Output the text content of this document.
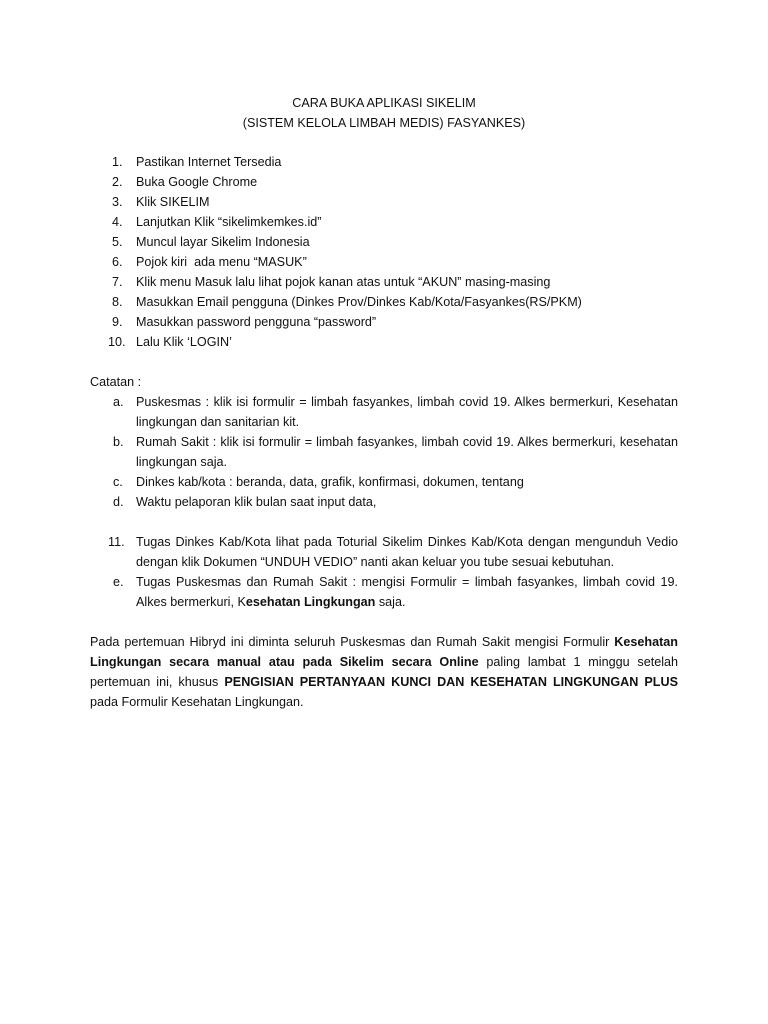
CARA BUKA APLIKASI SIKELIM

(SISTEM KELOLA LIMBAH MEDIS) FASYANKES)

1. Pastikan Internet Tersedia
2. Buka Google Chrome
3. Klik SIKELIM
4. Lanjutkan Klik “sikelimkemkes.id”
5. Muncul layar Sikelim Indonesia
6. Pojok kiri  ada menu “MASUK”
7. Klik menu Masuk lalu lihat pojok kanan atas untuk “AKUN” masing-masing
8. Masukkan Email pengguna (Dinkes Prov/Dinkes Kab/Kota/Fasyankes(RS/PKM)
9. Masukkan password pengguna “password”
10. Lalu Klik ‘LOGIN’
Catatan :
a. Puskesmas : klik isi formulir = limbah fasyankes, limbah covid 19. Alkes bermerkuri, Kesehatan lingkungan dan sanitarian kit.
b. Rumah Sakit : klik isi formulir = limbah fasyankes, limbah covid 19. Alkes bermerkuri, kesehatan lingkungan saja.
c. Dinkes kab/kota : beranda, data, grafik, konfirmasi, dokumen, tentang
d. Waktu pelaporan klik bulan saat input data,
11. Tugas Dinkes Kab/Kota lihat pada Toturial Sikelim Dinkes Kab/Kota dengan mengunduh Vedio dengan klik Dokumen “UNDUH VEDIO” nanti akan keluar you tube sesuai kebutuhan.
e. Tugas Puskesmas dan Rumah Sakit : mengisi Formulir = limbah fasyankes, limbah covid 19. Alkes bermerkuri, Kesehatan Lingkungan saja.

Pada pertemuan Hibryd ini diminta seluruh Puskesmas dan Rumah Sakit mengisi Formulir Kesehatan Lingkungan secara manual atau pada Sikelim secara Online paling lambat 1 minggu setelah pertemuan ini, khusus PENGISIAN PERTANYAAN KUNCI DAN KESEHATAN LINGKUNGAN PLUS pada Formulir Kesehatan Lingkungan.
